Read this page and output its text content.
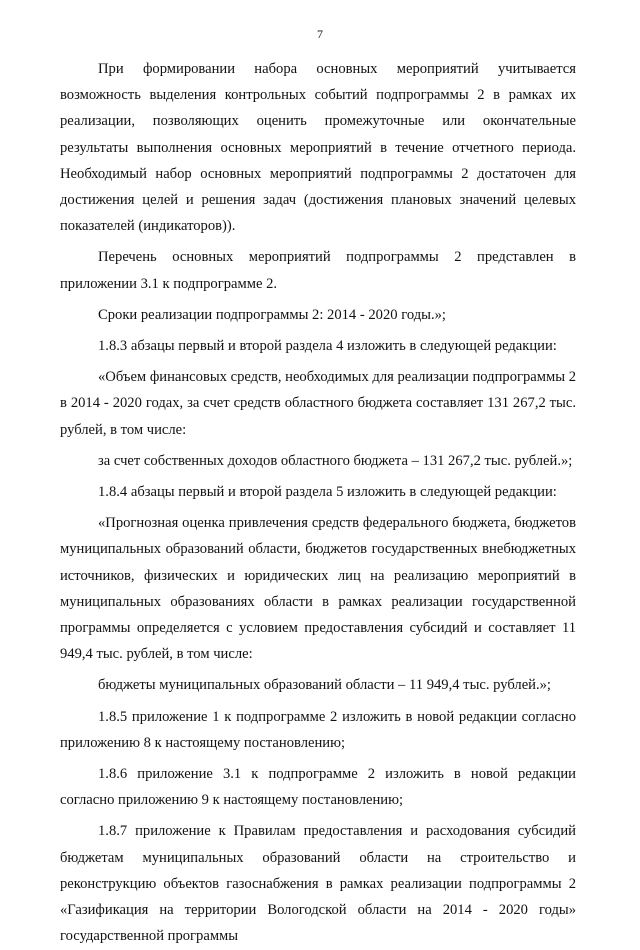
7

При формировании набора основных мероприятий учитывается возможность выделения контрольных событий подпрограммы 2 в рамках их реализации, позволяющих оценить промежуточные или окончательные результаты выполнения основных мероприятий в течение отчетного периода. Необходимый набор основных мероприятий подпрограммы 2 достаточен для достижения целей и решения задач (достижения плановых значений целевых показателей (индикаторов)).

Перечень основных мероприятий подпрограммы 2 представлен в приложении 3.1 к подпрограмме 2.

Сроки реализации подпрограммы 2: 2014 - 2020 годы.»;

1.8.3 абзацы первый и второй раздела 4 изложить в следующей редакции:

«Объем финансовых средств, необходимых для реализации подпрограммы 2 в 2014 - 2020 годах, за счет средств областного бюджета составляет 131 267,2 тыс. рублей, в том числе:

за счет собственных доходов областного бюджета – 131 267,2 тыс. рублей.»;

1.8.4 абзацы первый и второй раздела 5 изложить в следующей редакции:

«Прогнозная оценка привлечения средств федерального бюджета, бюджетов муниципальных образований области, бюджетов государственных внебюджетных источников, физических и юридических лиц на реализацию мероприятий в муниципальных образованиях области в рамках реализации государственной программы определяется с условием предоставления субсидий и составляет 11 949,4 тыс. рублей, в том числе:

бюджеты муниципальных образований области – 11 949,4 тыс. рублей.»;

1.8.5 приложение 1 к подпрограмме 2 изложить в новой редакции согласно приложению 8 к настоящему постановлению;

1.8.6 приложение 3.1 к подпрограмме 2 изложить в новой редакции согласно приложению 9 к настоящему постановлению;

1.8.7 приложение к Правилам предоставления и расходования субсидий бюджетам муниципальных образований области на строительство и реконструкцию объектов газоснабжения в рамках реализации подпрограммы 2 «Газификация на территории Вологодской области на 2014 - 2020 годы» государственной программы
